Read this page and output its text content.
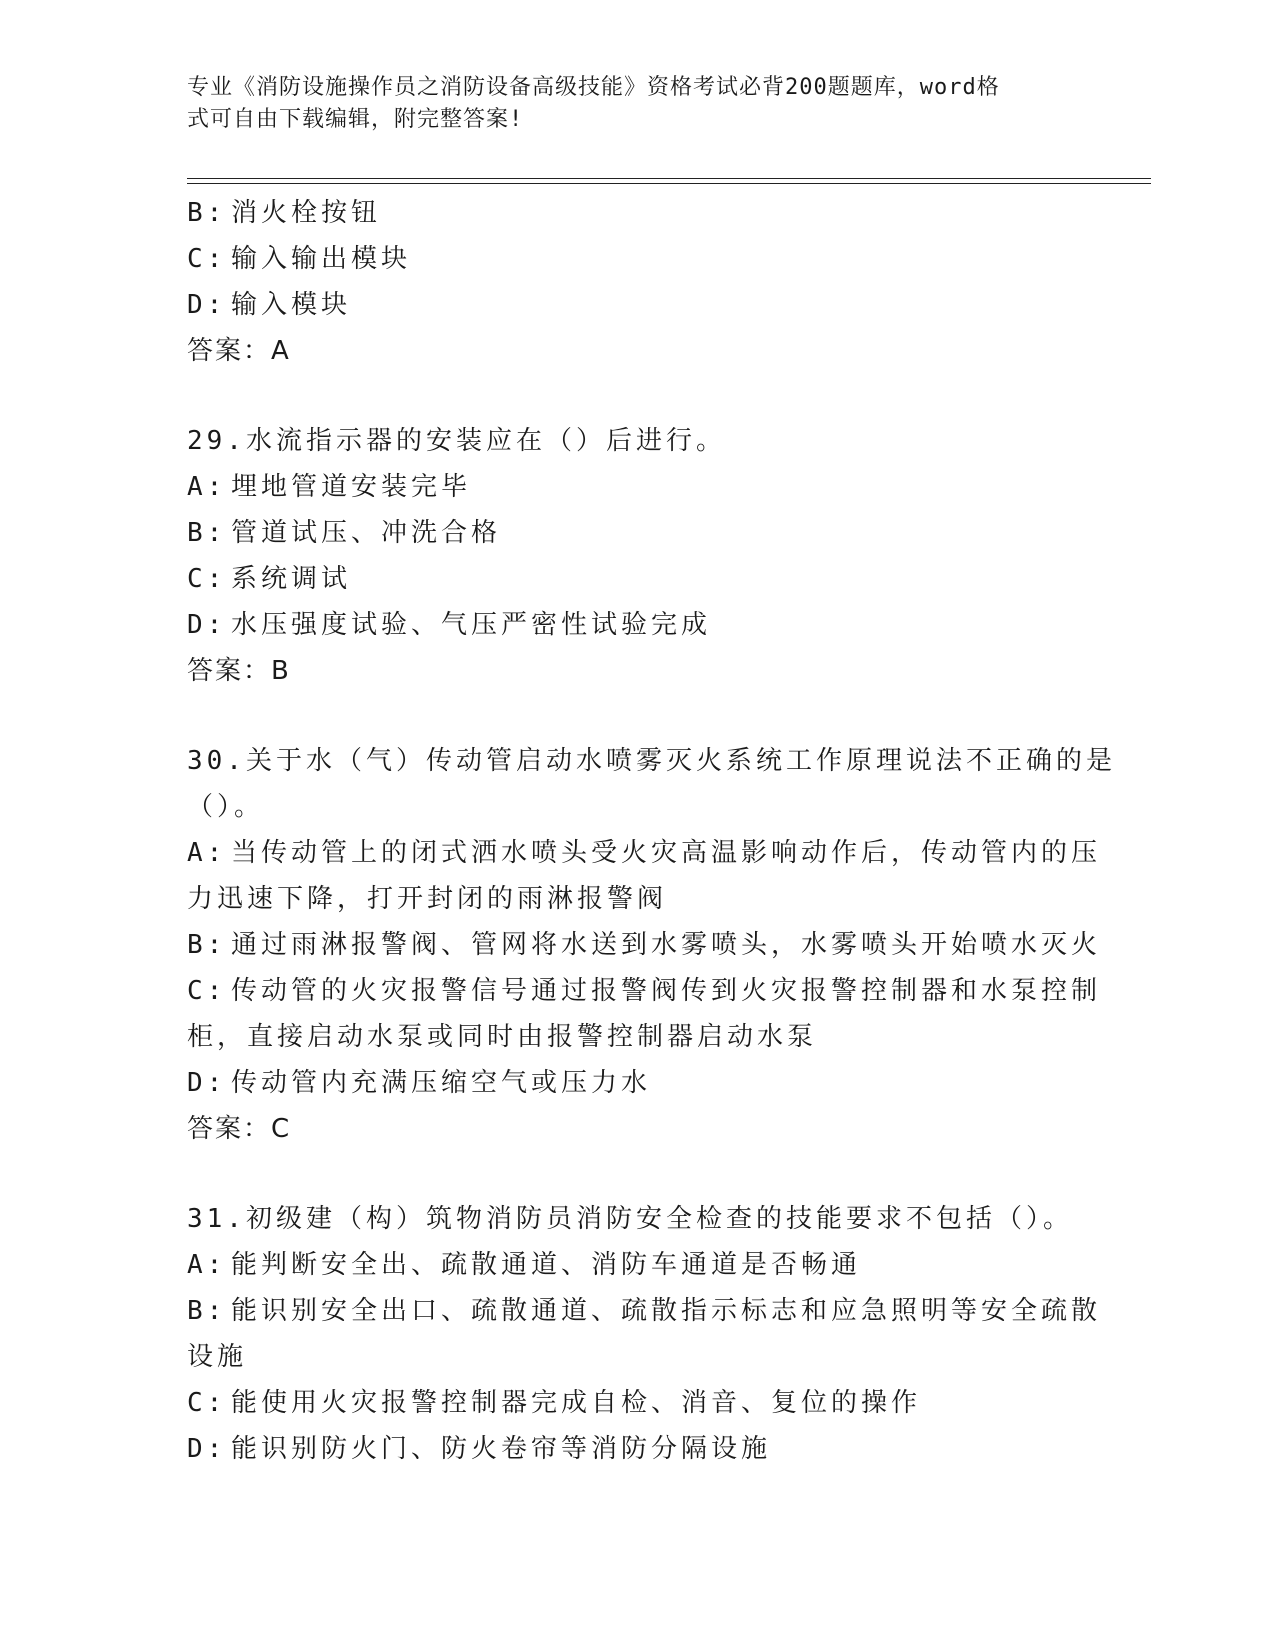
专业《消防设施操作员之消防设备高级技能》资格考试必背200题题库，word格
式可自由下载编辑，附完整答案!
B: 消火栓按钮
C: 输入输出模块
D: 输入模块
答案：A
29.水流指示器的安装应在（）后进行。
A: 埋地管道安装完毕
B: 管道试压、冲洗合格
C: 系统调试
D: 水压强度试验、气压严密性试验完成
答案：B
30.关于水（气）传动管启动水喷雾灭火系统工作原理说法不正确的是
（）。
A: 当传动管上的闭式洒水喷头受火灾高温影响动作后，传动管内的压
力迅速下降，打开封闭的雨淋报警阀
B: 通过雨淋报警阀、管网将水送到水雾喷头，水雾喷头开始喷水灭火
C: 传动管的火灾报警信号通过报警阀传到火灾报警控制器和水泵控制
柜，直接启动水泵或同时由报警控制器启动水泵
D: 传动管内充满压缩空气或压力水
答案：C
31.初级建（构）筑物消防员消防安全检查的技能要求不包括（）。
A: 能判断安全出、疏散通道、消防车通道是否畅通
B: 能识别安全出口、疏散通道、疏散指示标志和应急照明等安全疏散
设施
C: 能使用火灾报警控制器完成自检、消音、复位的操作
D: 能识别防火门、防火卷帘等消防分隔设施
